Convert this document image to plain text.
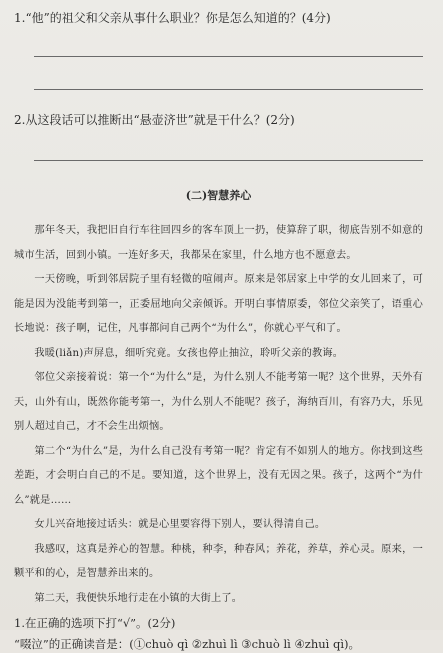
1.“他”的祖父和父亲从事什么职业？你是怎么知道的？(4分)
2.从这段话可以推断出“悬壶济世”就是干什么？(2分)
(二)智慧养心

那年冬天，我把旧自行车往回四乡的客车顶上一扔，使算辞了职，彻底告别不如意的城市生活，回到小镇。一连好多天，我都呆在家里，什么地方也不愿意去。

一天傍晚，听到邻居院子里有轻微的喧闹声。原来是邻居家上中学的女儿回来了，可能是因为没能考到第一，正委屈地向父亲倾诉。开明白事情原委，邻位父亲笑了，语重心长地说：孩子啊，记住，凡事都问自己两个“为什么”，你就心平气和了。

我暖(liǎn)声屏息，细听究竟。女孩也停止抽泣，聆听父亲的教诲。

邻位父亲接着说：第一个“为什么”是，为什么别人不能考第一呢？这个世界，天外有天，山外有山，既然你能考第一，为什么别人不能呢？孩子，海纳百川，有容乃大，乐见别人超过自己，才不会生出烦恼。

第二个“为什么”是，为什么自己没有考第一呢？肯定有不如别人的地方。你找到这些差距，才会明白自己的不足。要知道，这个世界上，没有无因之果。孩子，这两个“为什么”就是……

女儿兴奋地接过话头：就是心里要容得下别人，要认得清自己。

我感叹，这真是养心的智慧。种桃，种李，种春风；养花，养草，养心灵。原来，一颗平和的心，是智慧养出来的。

第二天，我便快乐地行走在小镇的大街上了。

1.在正确的选项下打“√”。(2分)
“啜泣”的正确读音是：(①chuò qì ②zhuì lì ③chuò lì ④zhuì qì)。
